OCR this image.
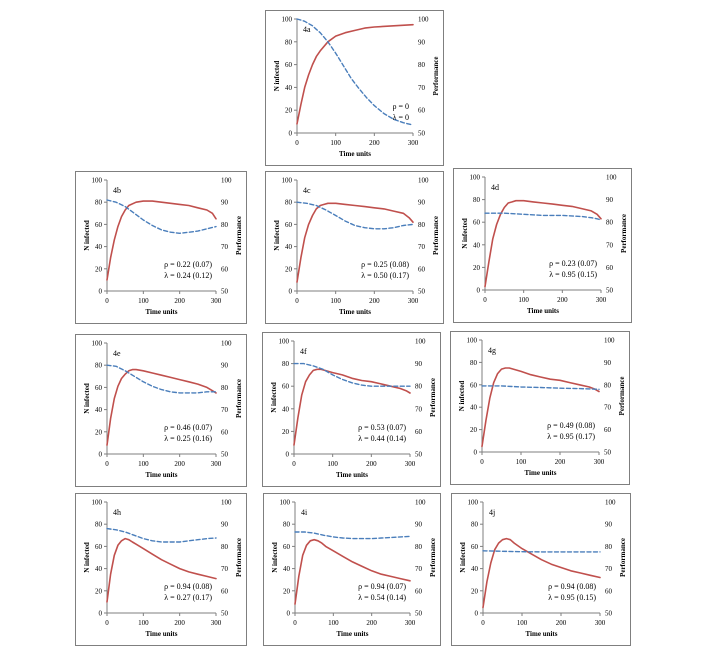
0
20
40
60
80
100
50
60
70
80
90
100
0	100	200	300
Time units
N infected	Performance
4a
ρ = 0
λ = 0
0
20
40
60
80
100
50
60
70
80
90
100
0	100	200	300
Time units
N infected	Performance
4b
ρ = 0.22 (0.07)
λ = 0.24 (0.12)
0
20
40
60
80
100
50
60
70
80
90
100
0	100	200	300
Time units
N infected	Performance
4c
ρ = 0.25 (0.08)
λ = 0.50 (0.17)
0
20
40
60
80
100
50
60
70
80
90
100
0	100	200	300
Time units
N infected	Performance
4d
ρ = 0.23 (0.07)
λ = 0.95 (0.15)
0
20
40
60
80
100
50
60
70
80
90
100
0	100	200	300
Time units
N infected	Performance
4e
ρ = 0.46 (0.07)
λ = 0.25 (0.16)
0
20
40
60
80
100
50
60
70
80
90
100
0	100	200	300
Time units
N infected	Performance
4f
ρ = 0.53 (0.07)
λ = 0.44 (0.14)
0
20
40
60
80
100
50
60
70
80
90
100
0	100	200	300
Time units
N infected	Performance
4g
ρ = 0.49 (0.08)
λ = 0.95 (0.17)
0
20
40
60
80
100
50
60
70
80
90
100
0	100	200	300
Time units
N infected	Performance
4h
ρ = 0.94 (0.08)
λ = 0.27 (0.17)
0
20
40
60
80
100
50
60
70
80
90
100
0	100	200	300
Time units
N infected	Performance
4i
ρ = 0.94 (0.07)
λ = 0.54 (0.14)
0
20
40
60
80
100
50
60
70
80
90
100
0	100	200	300
Time units
N infected	Performance
4j
ρ = 0.94 (0.08)
λ = 0.95 (0.15)
